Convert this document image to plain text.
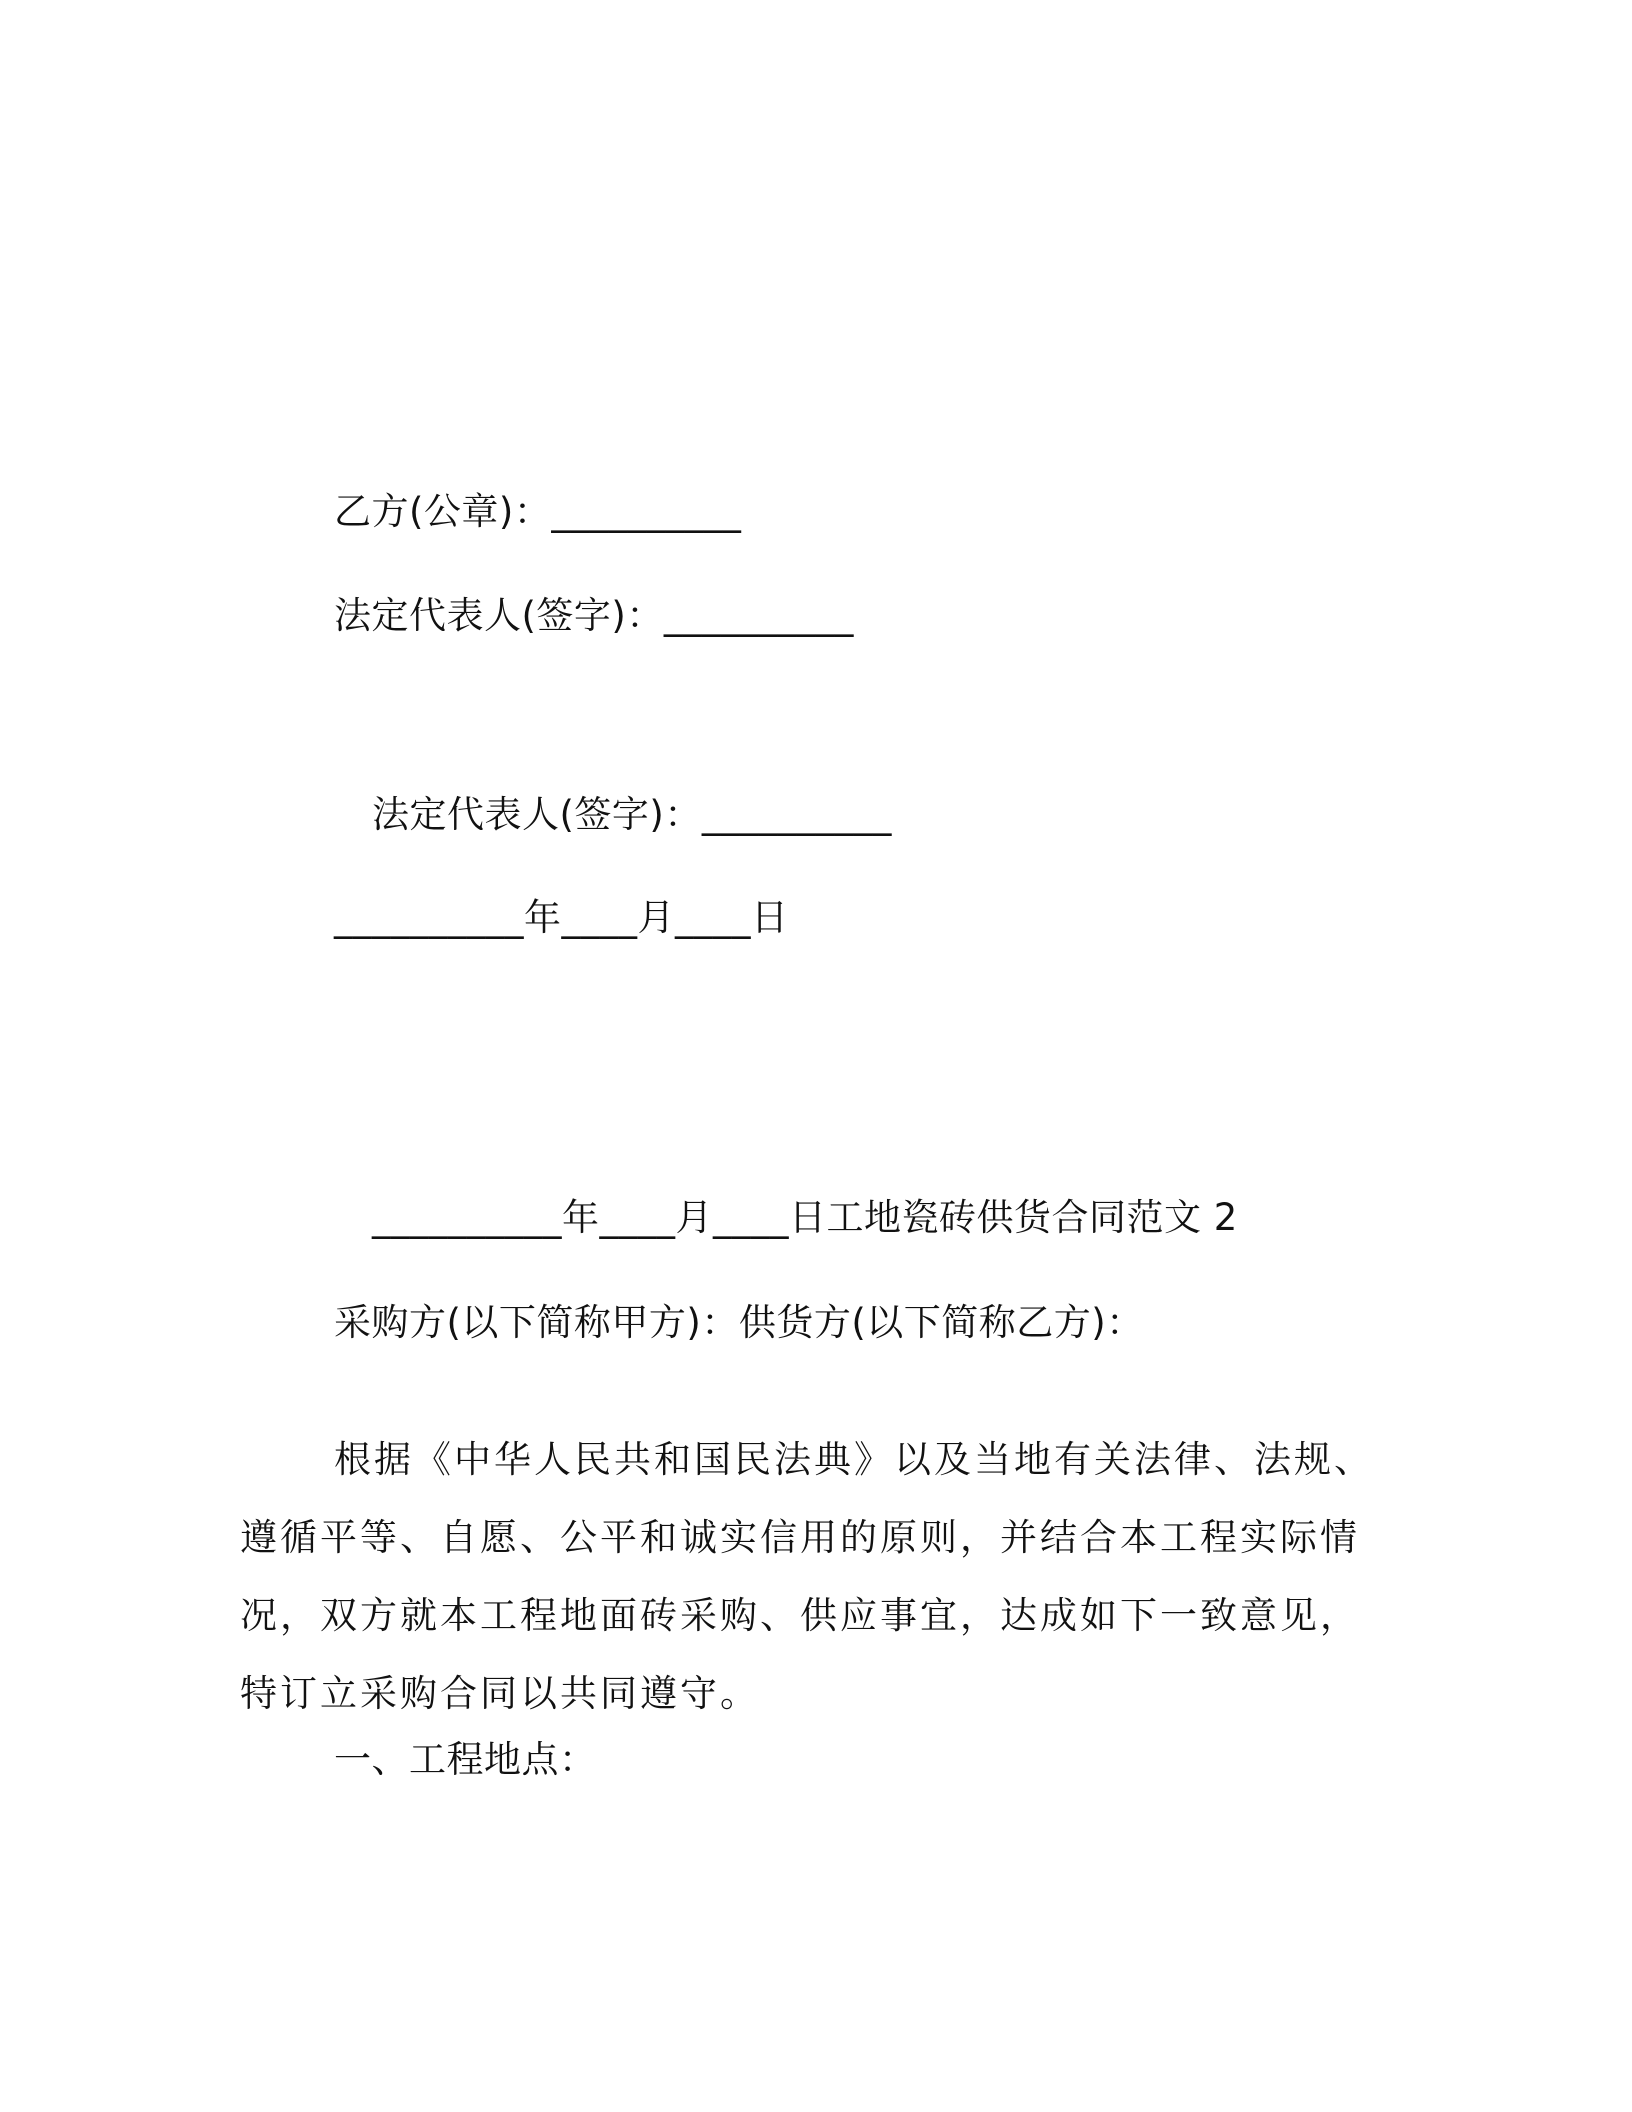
乙方(公章)：__________
法定代表人(签字)：__________
法定代表人(签字)：__________
__________年____月____日
__________年____月____日工地瓷砖供货合同范文 2
采购方(以下简称甲方)：供货方(以下简称乙方)：

根据《中华人民共和国民法典》以及当地有关法律、法规、遵循平等、自愿、公平和诚实信用的原则，并结合本工程实际情况，双方就本工程地面砖采购、供应事宜，达成如下一致意见，特订立采购合同以共同遵守。

一、工程地点：
